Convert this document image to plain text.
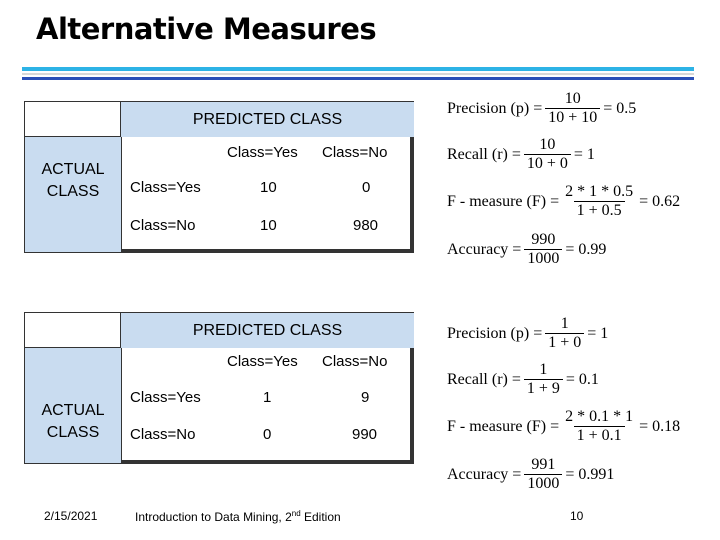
Alternative Measures
PREDICTED CLASS
ACTUAL
CLASS
Class=Yes Class=No
Class=Yes	10	0
Class=No	10	980
PREDICTED CLASS
ACTUAL
CLASS
Class=Yes Class=No
Class=Yes	1	9
Class=No	0	990
Precision $(p) = \frac{10}{10 + 10} = 0.5$
Recall $(r) = \frac{10}{10 + 0} = 1$
F - measure $(F) = \frac{2 * 1 * 0.5}{1 + 0.5} = 0.62$
Accuracy = $\frac{990}{1000} = 0.99$
Precision $(p) = \frac{1}{1 + 0} = 1$
Recall $(r) = \frac{1}{1 + 9} = 0.1$
F - measure $(F) = \frac{2 * 0.1 * 1}{1 + 0.1} = 0.18$
Accuracy = $\frac{991}{1000} = 0.991$
2/15/2021	Introduction to Data Mining, 2nd Edition	10
